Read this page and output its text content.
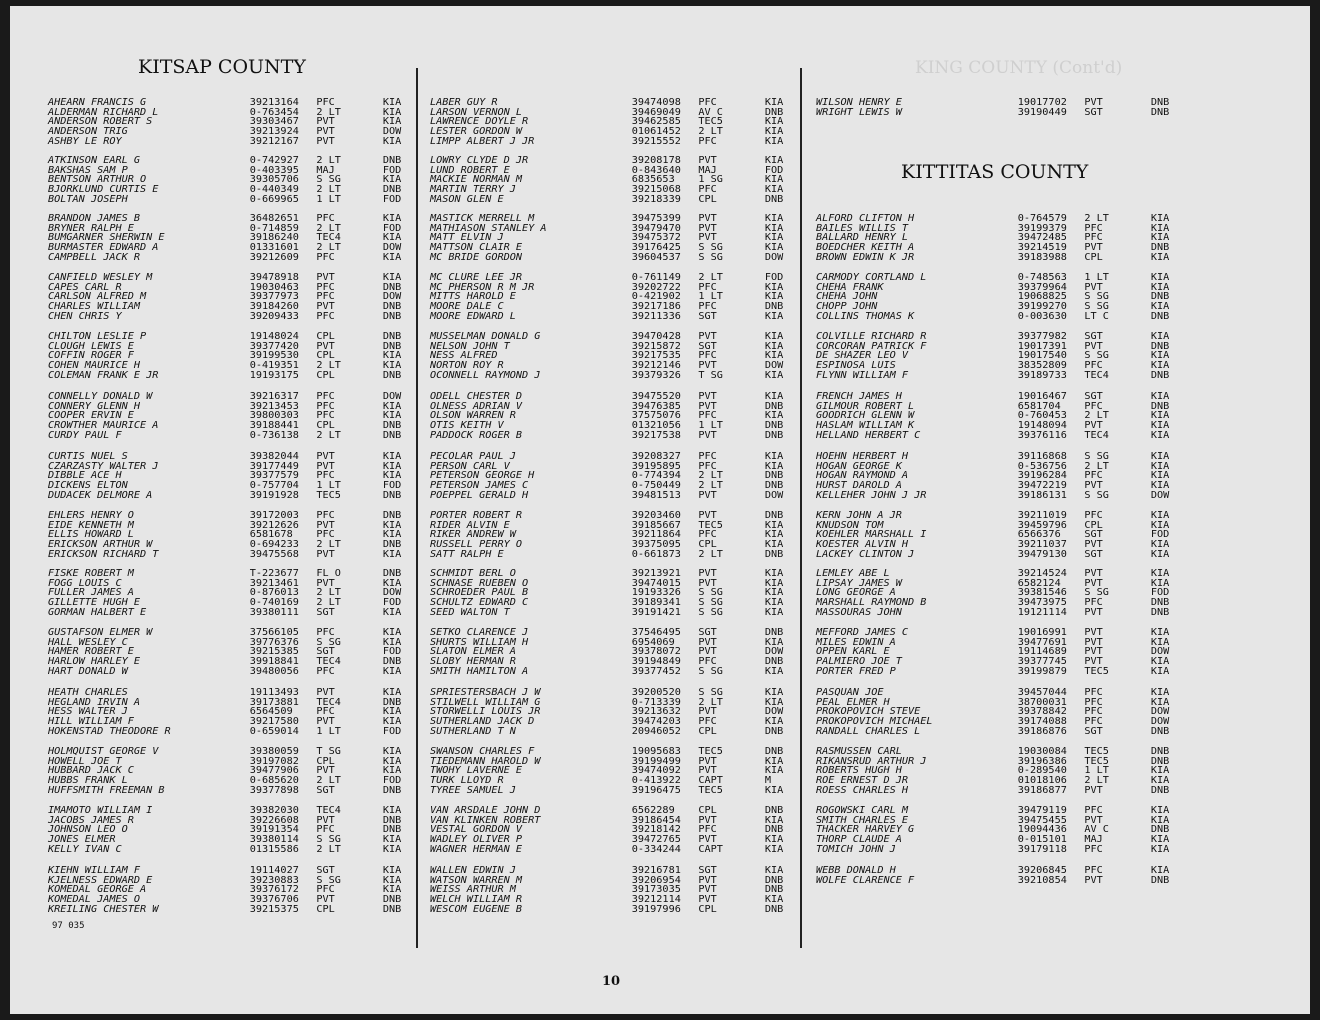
KING COUNTY (Cont'd)
KITSAP COUNTY
AHEARN FRANCIS G	39213164 PFC	KIA
ALDERMAN RICHARD L	0-763454 2 LT	KIA
ANDERSON ROBERT S	39303467 PVT	KIA
ANDERSON TRIG	39213924 PVT	DOW
ASHBY LE ROY	39212167 PVT	KIA
ATKINSON EARL G	0-742927 2 LT	DNB
BAKSHAS SAM P	0-403395 MAJ	FOD
BENTSON ARTHUR O	39305706 S SG	KIA
BJORKLUND CURTIS E	0-440349 2 LT	DNB
BOLTAN JOSEPH	0-669965 1 LT	FOD
BRANDON JAMES B	36482651 PFC	KIA
BRYNER RALPH E	0-714859 2 LT	FOD
BUMGARNER SHERWIN E	39186240 TEC4	KIA
BURMASTER EDWARD A	01331601 2 LT	DOW
CAMPBELL JACK R	39212609 PFC	KIA
CANFIELD WESLEY M	39478918 PVT	KIA
CAPES CARL R	19030463 PFC	DNB
CARLSON ALFRED M	39377973 PFC	DOW
CHARLES WILLIAM	39184260 PVT	DNB
CHEN CHRIS Y	39209433 PFC	DNB
CHILTON LESLIE P	19148024 CPL	DNB
CLOUGH LEWIS E	39377420 PVT	DNB
COFFIN ROGER F	39199530 CPL	KIA
COHEN MAURICE H	0-419351 2 LT	KIA
COLEMAN FRANK E JR	19193175 CPL	DNB
CONNELLY DONALD W	39216317 PFC	DOW
CONNERY GLENN H	39213453 PFC	KIA
COOPER ERVIN E	39800303 PFC	KIA
CROWTHER MAURICE A	39188441 CPL	DNB
CURDY PAUL F	0-736138 2 LT	DNB
CURTIS NUEL S	39382044 PVT	KIA
CZARZASTY WALTER J	39177449 PVT	KIA
DIBBLE ACE H	39377579 PFC	KIA
DICKENS ELTON	0-757704 1 LT	FOD
DUDACEK DELMORE A	39191928 TEC5	DNB
EHLERS HENRY O	39172003 PFC	DNB
EIDE KENNETH M	39212626 PVT	KIA
ELLIS HOWARD L	6581678 PFC	KIA
ERICKSON ARTHUR W	0-694233 2 LT	DNB
ERICKSON RICHARD T	39475568 PVT	KIA
FISKE ROBERT M	T-223677 FL O	DNB
FOGG LOUIS C	39213461 PVT	KIA
FULLER JAMES A	0-876013 2 LT	DOW
GILLETTE HUGH E	0-740169 2 LT	FOD
GORMAN HALBERT E	39380111 SGT	KIA
GUSTAFSON ELMER W	37566105 PFC	KIA
HALL WESLEY C	39776376 S SG	KIA
HAMER ROBERT E	39215385 SGT	FOD
HARLOW HARLEY E	39918841 TEC4	DNB
HART DONALD W	39480056 PFC	KIA
HEATH CHARLES	19113493 PVT	KIA
HEGLAND IRVIN A	39173881 TEC4	DNB
HESS WALTER J	6564509 PFC	KIA
HILL WILLIAM F	39217580 PVT	KIA
HOKENSTAD THEODORE R	0-659014 1 LT	FOD
HOLMQUIST GEORGE V	39380059 T SG	KIA
HOWELL JOE T	39197082 CPL	KIA
HUBBARD JACK C	39477906 PVT	KIA
HUBBS FRANK L	0-685620 2 LT	FOD
HUFFSMITH FREEMAN B	39377898 SGT	DNB
IMAMOTO WILLIAM I	39382030 TEC4	KIA
JACOBS JAMES R	39226608 PVT	DNB
JOHNSON LEO O	39191354 PFC	DNB
JONES ELMER	39380114 S SG	KIA
KELLY IVAN C	01315586 2 LT	KIA
KIEHN WILLIAM F	19114027 SGT	KIA
KJELNESS EDWARD E	39230883 S SG	KIA
KOMEDAL GEORGE A	39376172 PFC	KIA
KOMEDAL JAMES O	39376706 PVT	DNB
KREILING CHESTER W	39215375 CPL	DNB
LABER GUY R	39474098 PFC	KIA
LARSON VERNON L	39469049 AV C	DNB
LAWRENCE DOYLE R	39462585 TEC5	KIA
LESTER GORDON W	01061452 2 LT	KIA
LIMPP ALBERT J JR	39215552 PFC	KIA
LOWRY CLYDE D JR	39208178 PVT	KIA
LUND ROBERT E	0-843640 MAJ	FOD
MACKIE NORMAN M	6835653 1 SG	KIA
MARTIN TERRY J	39215068 PFC	KIA
MASON GLEN E	39218339 CPL	DNB
MASTICK MERRELL M	39475399 PVT	KIA
MATHIASON STANLEY A	39479470 PVT	KIA
MATT ELVIN J	39475372 PVT	KIA
MATTSON CLAIR E	39176425 S SG	KIA
MC BRIDE GORDON	39604537 S SG	DOW
MC CLURE LEE JR	0-761149 2 LT	FOD
MC PHERSON R M JR	39202722 PFC	KIA
MITTS HAROLD E	0-421902 1 LT	KIA
MOORE DALE C	39217186 PFC	DNB
MOORE EDWARD L	39211336 SGT	KIA
MUSSELMAN DONALD G	39470428 PVT	KIA
NELSON JOHN T	39215872 SGT	KIA
NESS ALFRED	39217535 PFC	KIA
NORTON ROY R	39212146 PVT	DOW
OCONNELL RAYMOND J	39379326 T SG	KIA
ODELL CHESTER D	39475520 PVT	KIA
OLNESS ADRIAN V	39476385 PVT	DNB
OLSON WARREN R	37575076 PFC	KIA
OTIS KEITH V	01321056 1 LT	DNB
PADDOCK ROGER B	39217538 PVT	DNB
PECOLAR PAUL J	39208327 PFC	KIA
PERSON CARL V	39195895 PFC	KIA
PETERSON GEORGE H	0-774394 2 LT	DNB
PETERSON JAMES C	0-750449 2 LT	DNB
POEPPEL GERALD H	39481513 PVT	DOW
PORTER ROBERT R	39203460 PVT	DNB
RIDER ALVIN E	39185667 TEC5	KIA
RIKER ANDREW W	39211864 PFC	KIA
RUSSELL PERRY O	39375095 CPL	KIA
SATT RALPH E	0-661873 2 LT	DNB
SCHMIDT BERL O	39213921 PVT	KIA
SCHNASE RUEBEN O	39474015 PVT	KIA
SCHROEDER PAUL B	19193326 S SG	KIA
SCHULTZ EDWARD C	39189341 S SG	KIA
SEED WALTON T	39191421 S SG	KIA
SETKO CLARENCE J	37546495 SGT	DNB
SHURTS WILLIAM H	6954069 PVT	KIA
SLATON ELMER A	39378072 PVT	DOW
SLOBY HERMAN R	39194849 PFC	DNB
SMITH HAMILTON A	39377452 S SG	KIA
SPRIESTERSBACH J W	39200520 S SG	KIA
STILWELL WILLIAM G	0-713339 2 LT	KIA
STORWELLI LOUIS JR	39213632 PVT	DOW
SUTHERLAND JACK D	39474203 PFC	KIA
SUTHERLAND T N	20946052 CPL	DNB
SWANSON CHARLES F	19095683 TEC5	DNB
TIEDEMANN HAROLD W	39199499 PVT	KIA
TWOHY LAVERNE E	39474092 PVT	KIA
TURK LLOYD R	0-413922 CAPT	M
TYREE SAMUEL J	39196475 TEC5	KIA
VAN ARSDALE JOHN D	6562289 CPL	DNB
VAN KLINKEN ROBERT	39186454 PVT	KIA
VESTAL GORDON V	39218142 PFC	DNB
WADLEY OLIVER P	39472765 PVT	KIA
WAGNER HERMAN E	0-334244 CAPT	KIA
WALLEN EDWIN J	39216781 SGT	KIA
WATSON WARREN M	39206954 PVT	DNB
WEISS ARTHUR M	39173035 PVT	DNB
WELCH WILLIAM R	39212114 PVT	KIA
WESCOM EUGENE B	39197996 CPL	DNB
KITTITAS COUNTY
WILSON HENRY E	19017702 PVT	DNB
WRIGHT LEWIS W	39190449 SGT	DNB
ALFORD CLIFTON H	0-764579 2 LT	KIA
BAILES WILLIS T	39199379 PFC	KIA
BALLARD HENRY L	39472485 PFC	KIA
BOEDCHER KEITH A	39214519 PVT	DNB
BROWN EDWIN K JR	39183988 CPL	KIA
CARMODY CORTLAND L	0-748563 1 LT	KIA
CHEHA FRANK	39379964 PVT	KIA
CHEHA JOHN	19068825 S SG	DNB
CHOPP JOHN	39199270 S SG	KIA
COLLINS THOMAS K	0-003630 LT C	DNB
COLVILLE RICHARD R	39377982 SGT	KIA
CORCORAN PATRICK F	19017391 PVT	DNB
DE SHAZER LEO V	19017540 S SG	KIA
ESPINOSA LUIS	38352809 PFC	KIA
FLYNN WILLIAM F	39189733 TEC4	DNB
FRENCH JAMES H	19016467 SGT	KIA
GILMOUR ROBERT L	6581704 PFC	DNB
GOODRICH GLENN W	0-760453 2 LT	KIA
HASLAM WILLIAM K	19148094 PVT	KIA
HELLAND HERBERT C	39376116 TEC4	KIA
HOEHN HERBERT H	39116868 S SG	KIA
HOGAN GEORGE K	0-536756 2 LT	KIA
HOGAN RAYMOND A	39196284 PFC	KIA
HURST DAROLD A	39472219 PVT	KIA
KELLEHER JOHN J JR	39186131 S SG	DOW
KERN JOHN A JR	39211019 PFC	KIA
KNUDSON TOM	39459796 CPL	KIA
KOEHLER MARSHALL I	6566376 SGT	FOD
KOESTER ALVIN H	39211037 PVT	KIA
LACKEY CLINTON J	39479130 SGT	KIA
LEMLEY ABE L	39214524 PVT	KIA
LIPSAY JAMES W	6582124 PVT	KIA
LONG GEORGE A	39381546 S SG	FOD
MARSHALL RAYMOND B	39473975 PFC	DNB
MASSOURAS JOHN	19121114 PVT	DNB
MEFFORD JAMES C	19016991 PVT	KIA
MILES EDWIN A	39477691 PVT	KIA
OPPEN KARL E	19114689 PVT	DOW
PALMIERO JOE T	39377745 PVT	KIA
PORTER FRED P	39199879 TEC5	KIA
PASQUAN JOE	39457044 PFC	KIA
PEAL ELMER H	38700031 PFC	KIA
PROKOPOVICH STEVE	39378842 PFC	DOW
PROKOPOVICH MICHAEL	39174088 PFC	DOW
RANDALL CHARLES L	39186876 SGT	DNB
RASMUSSEN CARL	19030084 TEC5	DNB
RIKANSRUD ARTHUR J	39196386 TEC5	DNB
ROBERTS HUGH H	0-289540 1 LT	KIA
ROE ERNEST D JR	01018106 2 LT	KIA
ROESS CHARLES H	39186877 PVT	DNB
ROGOWSKI CARL M	39479119 PFC	KIA
SMITH CHARLES E	39475455 PVT	KIA
THACKER HARVEY G	19094436 AV C	DNB
THORP CLAUDE A	0-015101 MAJ	KIA
TOMICH JOHN J	39179118 PFC	KIA
WEBB DONALD H	39206845 PFC	KIA
WOLFE CLARENCE F	39210854 PVT	DNB
97 035
10
